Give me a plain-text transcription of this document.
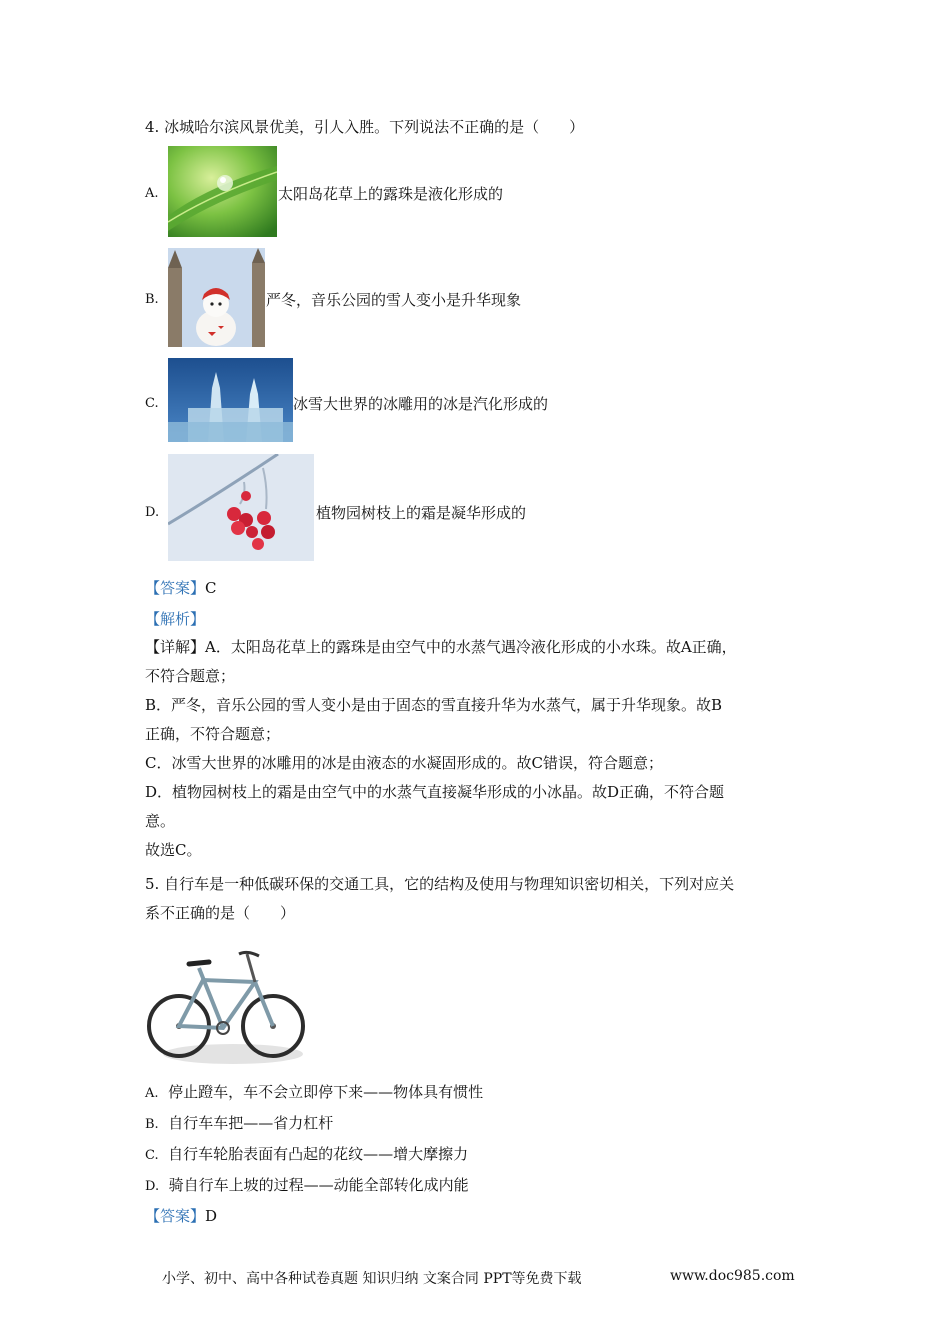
4. 冰城哈尔滨风景优美，引人入胜。下列说法不正确的是（　　）
A.	太阳岛花草上的露珠是液化形成的
B.	严冬，音乐公园的雪人变小是升华现象
C.	冰雪大世界的冰雕用的冰是汽化形成的
D.	植物园树枝上的霜是凝华形成的
【答案】C
【解析】
【详解】A．太阳岛花草上的露珠是由空气中的水蒸气遇冷液化形成的小水珠。故A正确，
不符合题意；
B．严冬，音乐公园的雪人变小是由于固态的雪直接升华为水蒸气，属于升华现象。故B
正确，不符合题意；
C．冰雪大世界的冰雕用的冰是由液态的水凝固形成的。故C错误，符合题意；
D．植物园树枝上的霜是由空气中的水蒸气直接凝华形成的小冰晶。故D正确，不符合题
意。
故选C。
5. 自行车是一种低碳环保的交通工具，它的结构及使用与物理知识密切相关，下列对应关
系不正确的是（　　）
A. 停止蹬车，车不会立即停下来——物体具有惯性
B. 自行车车把——省力杠杆
C. 自行车轮胎表面有凸起的花纹——增大摩擦力
D. 骑自行车上坡的过程——动能全部转化成内能
【答案】D
小学、初中、高中各种试卷真题 知识归纳 文案合同 PPT等免费下载	www.doc985.com
